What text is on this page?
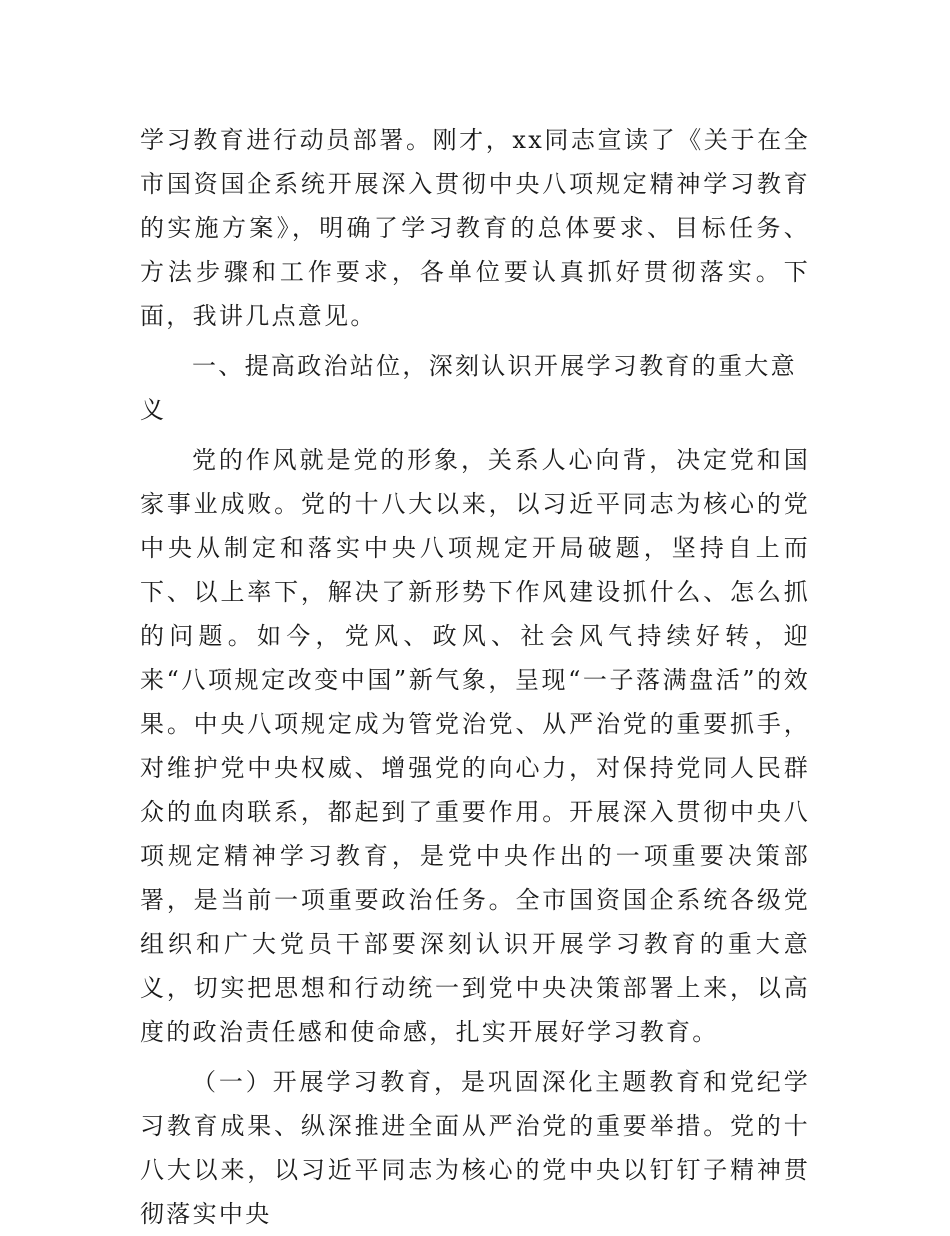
学习教育进行动员部署。刚才，xx同志宣读了《关于在全市国资国企系统开展深入贯彻中央八项规定精神学习教育的实施方案》，明确了学习教育的总体要求、目标任务、方法步骤和工作要求，各单位要认真抓好贯彻落实。下面，我讲几点意见。

一、提高政治站位，深刻认识开展学习教育的重大意义

党的作风就是党的形象，关系人心向背，决定党和国家事业成败。党的十八大以来，以习近平同志为核心的党中央从制定和落实中央八项规定开局破题，坚持自上而下、以上率下，解决了新形势下作风建设抓什么、怎么抓的问题。如今，党风、政风、社会风气持续好转，迎来“八项规定改变中国”新气象，呈现“一子落满盘活”的效果。中央八项规定成为管党治党、从严治党的重要抓手，对维护党中央权威、增强党的向心力，对保持党同人民群众的血肉联系，都起到了重要作用。开展深入贯彻中央八项规定精神学习教育，是党中央作出的一项重要决策部署，是当前一项重要政治任务。全市国资国企系统各级党组织和广大党员干部要深刻认识开展学习教育的重大意义，切实把思想和行动统一到党中央决策部署上来，以高度的政治责任感和使命感，扎实开展好学习教育。

（一）开展学习教育，是巩固深化主题教育和党纪学习教育成果、纵深推进全面从严治党的重要举措。党的十八大以来，以习近平同志为核心的党中央以钉钉子精神贯彻落实中央
